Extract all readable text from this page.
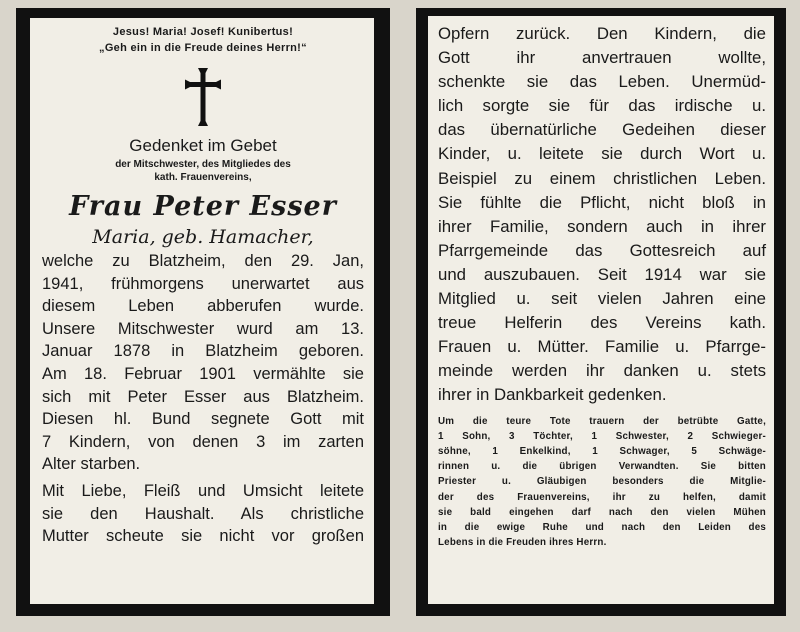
Jesus! Maria! Josef! Kunibertus!

„Geh ein in die Freude deines Herrn!“

Gedenket im Gebet

der Mitschwester, des Mitgliedes des

kath. Frauenvereins,

Frau Peter Esser

Maria, geb. Hamacher,

welche zu Blatzheim, den 29. Jan,
1941, frühmorgens unerwartet aus
diesem Leben abberufen wurde.
Unsere Mitschwester wurd am 13.
Januar 1878 in Blatzheim geboren.
Am 18. Februar 1901 vermählte sie
sich mit Peter Esser aus Blatzheim.
Diesen hl. Bund segnete Gott mit
7 Kindern, von denen 3 im zarten
Alter starben.
Mit Liebe, Fleiß und Umsicht leitete
sie den Haushalt. Als christliche
Mutter scheute sie nicht vor großen
Opfern zurück. Den Kindern, die
Gott ihr anvertrauen wollte,
schenkte sie das Leben. Unermüd-
lich sorgte sie für das irdische u.
das übernatürliche Gedeihen dieser
Kinder, u. leitete sie durch Wort u.
Beispiel zu einem christlichen Leben.
Sie fühlte die Pflicht, nicht bloß in
ihrer Familie, sondern auch in ihrer
Pfarrgemeinde das Gottesreich auf
und auszubauen. Seit 1914 war sie
Mitglied u. seit vielen Jahren eine
treue Helferin des Vereins kath.
Frauen u. Mütter. Familie u. Pfarrge-
meinde werden ihr danken u. stets
ihrer in Dankbarkeit gedenken.
Um die teure Tote trauern der betrübte Gatte,
1 Sohn, 3 Töchter, 1 Schwester, 2 Schwieger-
söhne, 1 Enkelkind, 1 Schwager, 5 Schwäge-
rinnen u. die übrigen Verwandten. Sie bitten
Priester u. Gläubigen besonders die Mitglie-
der des Frauenvereins, ihr zu helfen, damit
sie bald eingehen darf nach den vielen Mühen
in die ewige Ruhe und nach den Leiden des
Lebens in die Freuden ihres Herrn.
